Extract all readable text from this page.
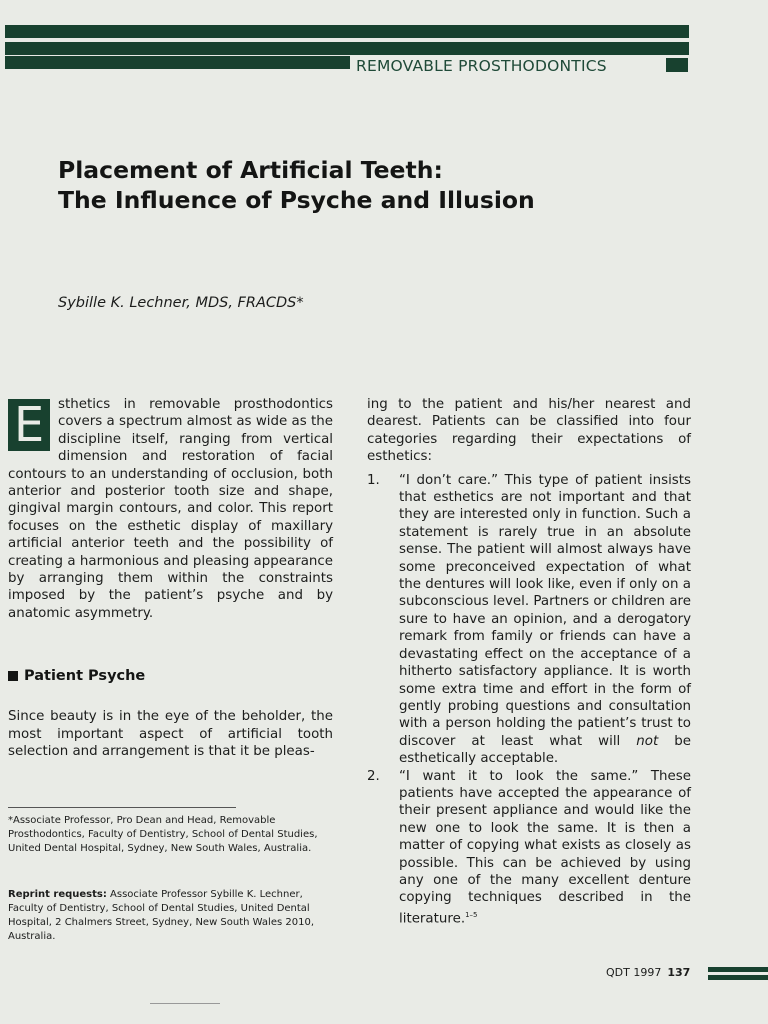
REMOVABLE PROSTHODONTICS
Placement of Artificial Teeth:
The Influence of Psyche and Illusion
Sybille K. Lechner, MDS, FRACDS*

E	sthetics in removable prosthodontics covers a spectrum almost as wide as the discipline itself, ranging from vertical dimension and restoration of facial contours to an understanding of occlusion, both anterior and posterior tooth size and shape, gingival margin contours, and color. This report focuses on the esthetic display of maxillary artificial anterior teeth and the possibility of creating a harmonious and pleasing appearance by arranging them within the constraints imposed by the patient’s psyche and by anatomic asymmetry.

Patient Psyche

Since beauty is in the eye of the beholder, the most important aspect of artificial tooth selection and arrangement is that it be pleas-

ing to the patient and his/her nearest and dearest. Patients can be classified into four categories regarding their expectations of esthetics:

1.	“I don’t care.” This type of patient insists that esthetics are not important and that they are interested only in function. Such a statement is rarely true in an absolute sense. The patient will almost always have some preconceived expectation of what the dentures will look like, even if only on a subconscious level. Partners or children are sure to have an opinion, and a derogatory remark from family or friends can have a devastating effect on the acceptance of a hitherto satisfactory appliance. It is worth some extra time and effort in the form of gently probing questions and consultation with a person holding the patient’s trust to discover at least what will not be esthetically acceptable.
2.	“I want it to look the same.” These patients have accepted the appearance of their present appliance and would like the new one to look the same. It is then a matter of copying what exists as closely as possible. This can be achieved by using any one of the many excellent denture copying techniques described in the literature.$^{1-5}$
*Associate Professor, Pro Dean and Head, Removable Prosthodontics, Faculty of Dentistry, School of Dental Studies, United Dental Hospital, Sydney, New South Wales, Australia.
Reprint requests: Associate Professor Sybille K. Lechner, Faculty of Dentistry, School of Dental Studies, United Dental Hospital, 2 Chalmers Street, Sydney, New South Wales 2010, Australia.
QDT 1997 137
